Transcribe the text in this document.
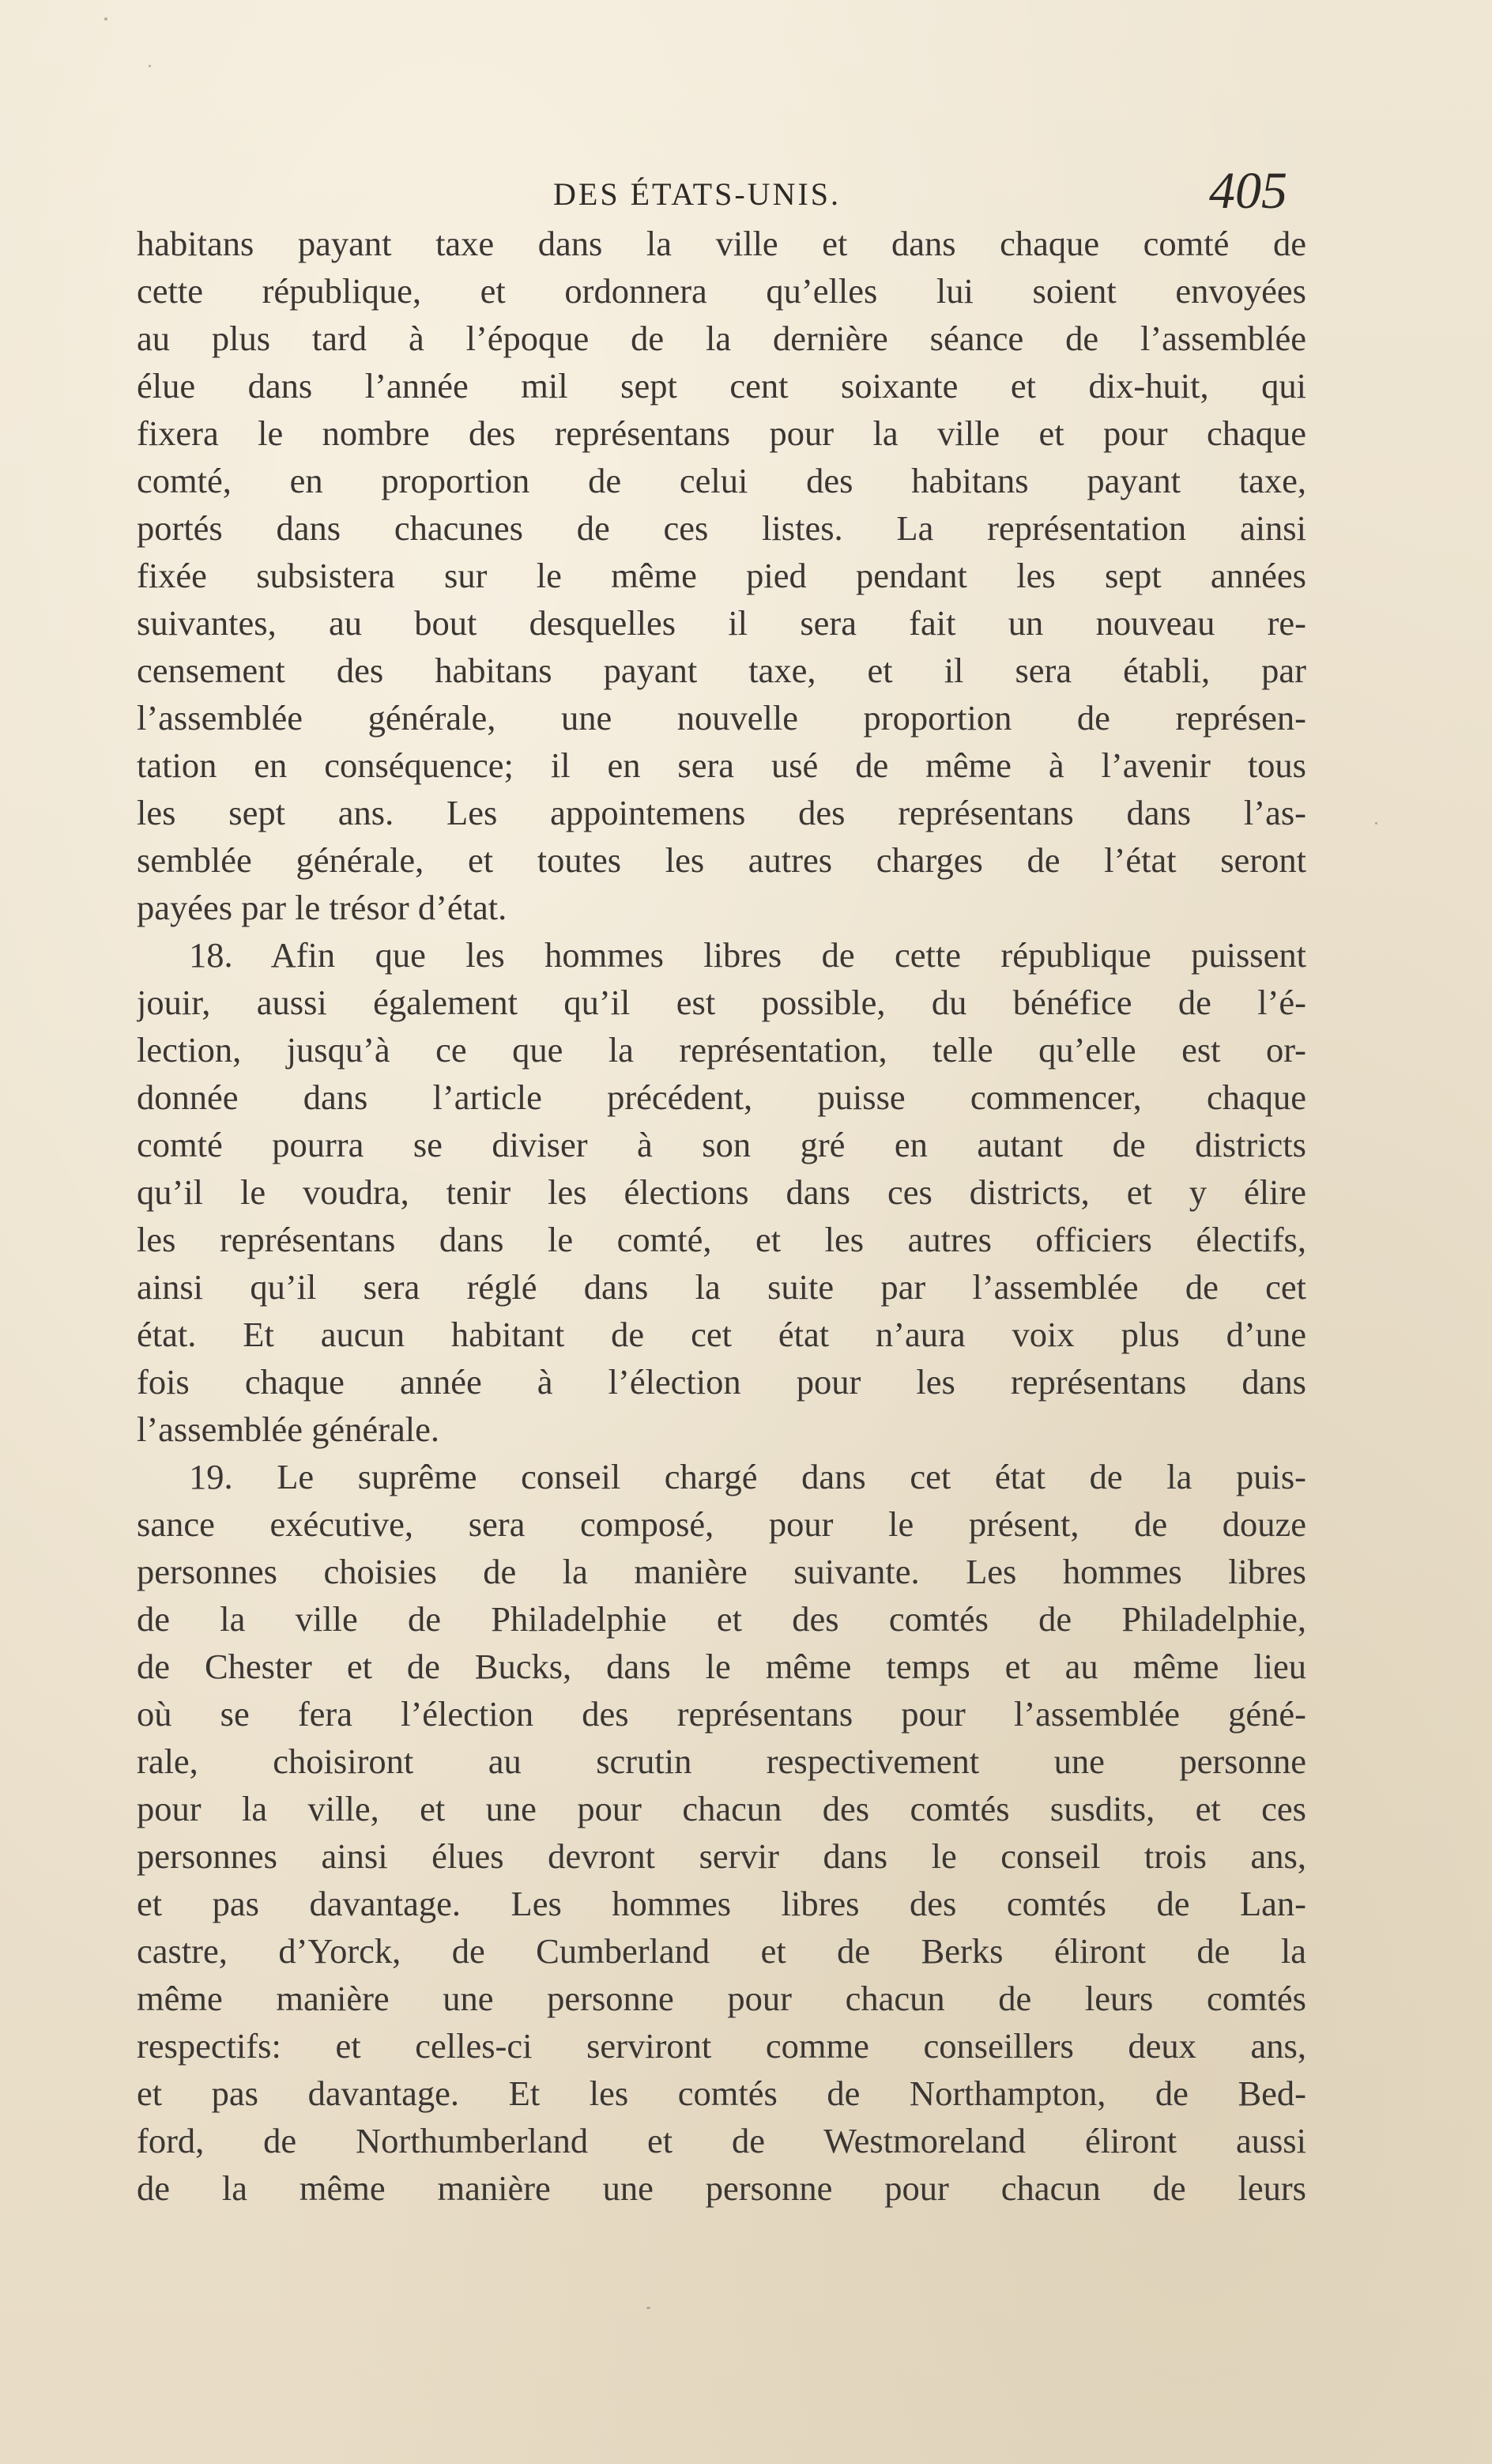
DES ÉTATS-UNIS.	405
habitans payant taxe dans la ville et dans chaque comté de
cette république, et ordonnera qu’elles lui soient envoyées
au plus tard à l’époque de la dernière séance de l’assemblée
élue dans l’année mil sept cent soixante et dix-huit, qui
fixera le nombre des représentans pour la ville et pour chaque
comté, en proportion de celui des habitans payant taxe,
portés dans chacunes de ces listes. La représentation ainsi
fixée subsistera sur le même pied pendant les sept années
suivantes, au bout desquelles il sera fait un nouveau re-
censement des habitans payant taxe, et il sera établi, par
l’assemblée générale, une nouvelle proportion de représen-
tation en conséquence; il en sera usé de même à l’avenir tous
les sept ans. Les appointemens des représentans dans l’as-
semblée générale, et toutes les autres charges de l’état seront
payées par le trésor d’état.
18. Afin que les hommes libres de cette république puissent
jouir, aussi également qu’il est possible, du bénéfice de l’é-
lection, jusqu’à ce que la représentation, telle qu’elle est or-
donnée dans l’article précédent, puisse commencer, chaque
comté pourra se diviser à son gré en autant de districts
qu’il le voudra, tenir les élections dans ces districts, et y élire
les représentans dans le comté, et les autres officiers électifs,
ainsi qu’il sera réglé dans la suite par l’assemblée de cet
état. Et aucun habitant de cet état n’aura voix plus d’une
fois chaque année à l’élection pour les représentans dans
l’assemblée générale.
19. Le suprême conseil chargé dans cet état de la puis-
sance exécutive, sera composé, pour le présent, de douze
personnes choisies de la manière suivante. Les hommes libres
de la ville de Philadelphie et des comtés de Philadelphie,
de Chester et de Bucks, dans le même temps et au même lieu
où se fera l’élection des représentans pour l’assemblée géné-
rale, choisiront au scrutin respectivement une personne
pour la ville, et une pour chacun des comtés susdits, et ces
personnes ainsi élues devront servir dans le conseil trois ans,
et pas davantage. Les hommes libres des comtés de Lan-
castre, d’Yorck, de Cumberland et de Berks éliront de la
même manière une personne pour chacun de leurs comtés
respectifs: et celles-ci serviront comme conseillers deux ans,
et pas davantage. Et les comtés de Northampton, de Bed-
ford, de Northumberland et de Westmoreland éliront aussi
de la même manière une personne pour chacun de leurs
